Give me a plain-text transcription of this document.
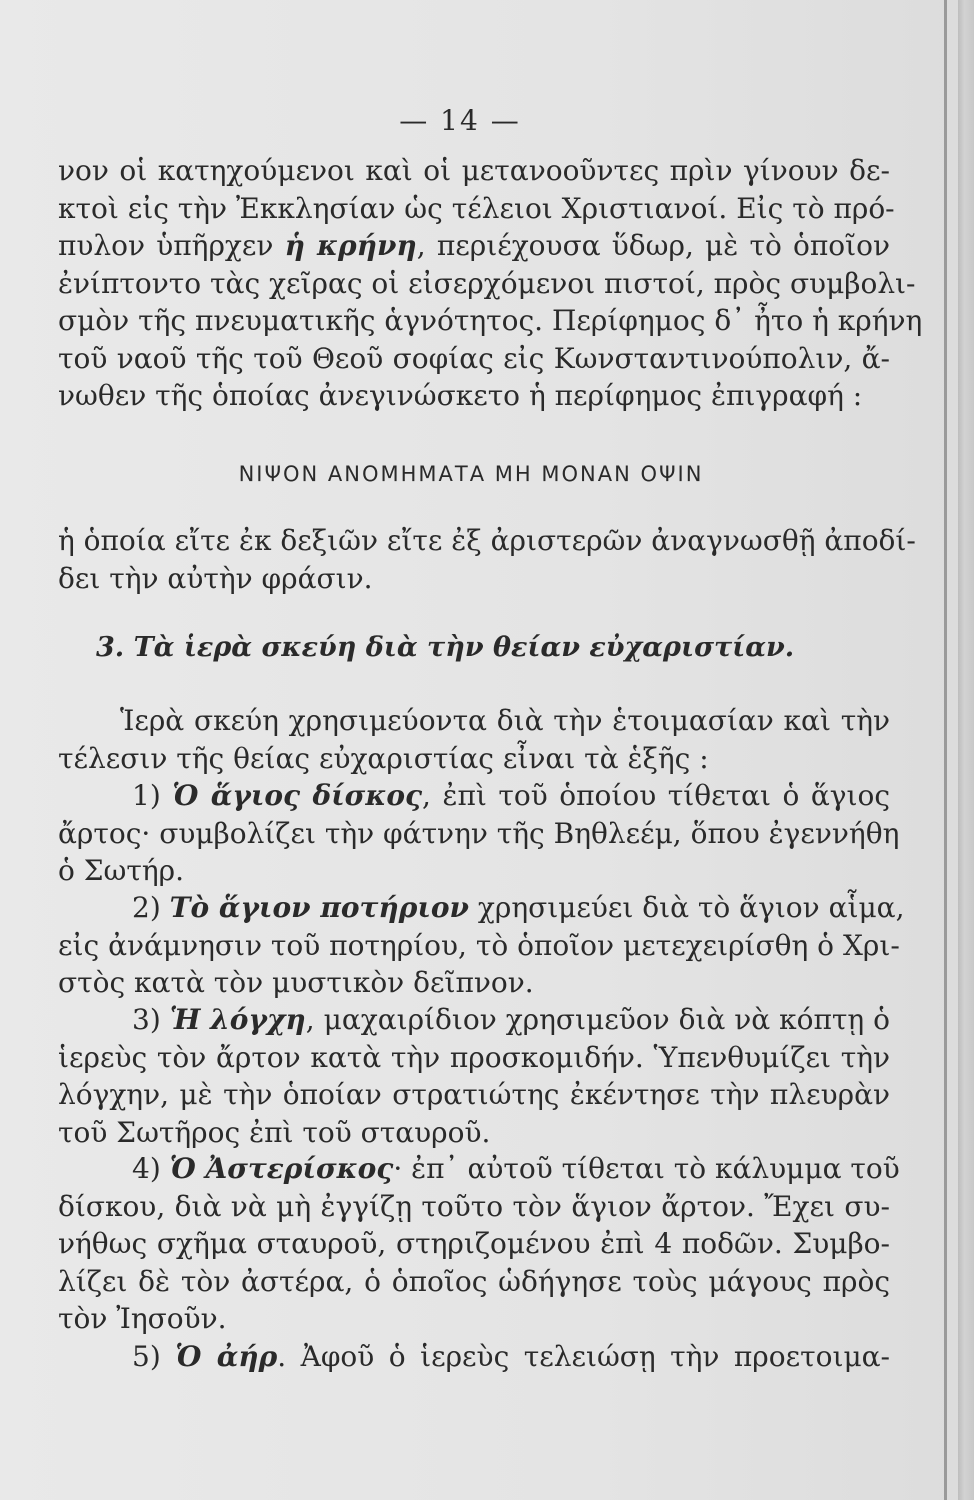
— 14 —
νον οἱ κατηχούμενοι καὶ οἱ μετανοοῦντες πρὶν γίνουν δε-
κτοὶ εἰς τὴν Ἐκκλησίαν ὡς τέλειοι Χριστιανοί. Εἰς τὸ πρό-
πυλον ὑπῆρχεν ἡ κρήνη, περιέχουσα ὕδωρ, μὲ τὸ ὁποῖον
ἐνίπτοντο τὰς χεῖρας οἱ εἰσερχόμενοι πιστοί, πρὸς συμβολι-
σμὸν τῆς πνευματικῆς ἁγνότητος. Περίφημος δ᾽ ἦτο ἡ κρήνη
τοῦ ναοῦ τῆς τοῦ Θεοῦ σοφίας εἰς Κωνσταντινούπολιν, ἄ-
νωθεν τῆς ὁποίας ἀνεγινώσκετο ἡ περίφημος ἐπιγραφή :
ΝΙΨΟΝ ΑΝΟΜΗΜΑΤΑ ΜΗ ΜΟΝΑΝ ΟΨΙΝ
ἡ ὁποία εἴτε ἐκ δεξιῶν εἴτε ἐξ ἀριστερῶν ἀναγνωσθῇ ἀποδί-
δει τὴν αὐτὴν φράσιν.
3. Τὰ ἱερὰ σκεύη διὰ τὴν θείαν εὐχαριστίαν.
Ἱερὰ σκεύη χρησιμεύοντα διὰ τὴν ἑτοιμασίαν καὶ τὴν
τέλεσιν τῆς θείας εὐχαριστίας εἶναι τὰ ἑξῆς :
1) Ὁ ἅγιος δίσκος, ἐπὶ τοῦ ὁποίου τίθεται ὁ ἅγιος
ἄρτος· συμβολίζει τὴν φάτνην τῆς Βηθλεέμ, ὅπου ἐγεννήθη
ὁ Σωτήρ.
2) Τὸ ἅγιον ποτήριον χρησιμεύει διὰ τὸ ἅγιον αἷμα,
εἰς ἀνάμνησιν τοῦ ποτηρίου, τὸ ὁποῖον μετεχειρίσθη ὁ Χρι-
στὸς κατὰ τὸν μυστικὸν δεῖπνον.
3) Ἡ λόγχη, μαχαιρίδιον χρησιμεῦον διὰ νὰ κόπτῃ ὁ
ἱερεὺς τὸν ἄρτον κατὰ τὴν προσκομιδήν. Ὑπενθυμίζει τὴν
λόγχην, μὲ τὴν ὁποίαν στρατιώτης ἐκέντησε τὴν πλευρὰν
τοῦ Σωτῆρος ἐπὶ τοῦ σταυροῦ.
4) Ὁ Ἀστερίσκος· ἐπ᾽ αὐτοῦ τίθεται τὸ κάλυμμα τοῦ
δίσκου, διὰ νὰ μὴ ἐγγίζῃ τοῦτο τὸν ἅγιον ἄρτον. Ἔχει συ-
νήθως σχῆμα σταυροῦ, στηριζομένου ἐπὶ 4 ποδῶν. Συμβο-
λίζει δὲ τὸν ἀστέρα, ὁ ὁποῖος ὡδήγησε τοὺς μάγους πρὸς
τὸν Ἰησοῦν.
5) Ὁ ἀήρ. Ἀφοῦ ὁ ἱερεὺς τελειώσῃ τὴν προετοιμα-
